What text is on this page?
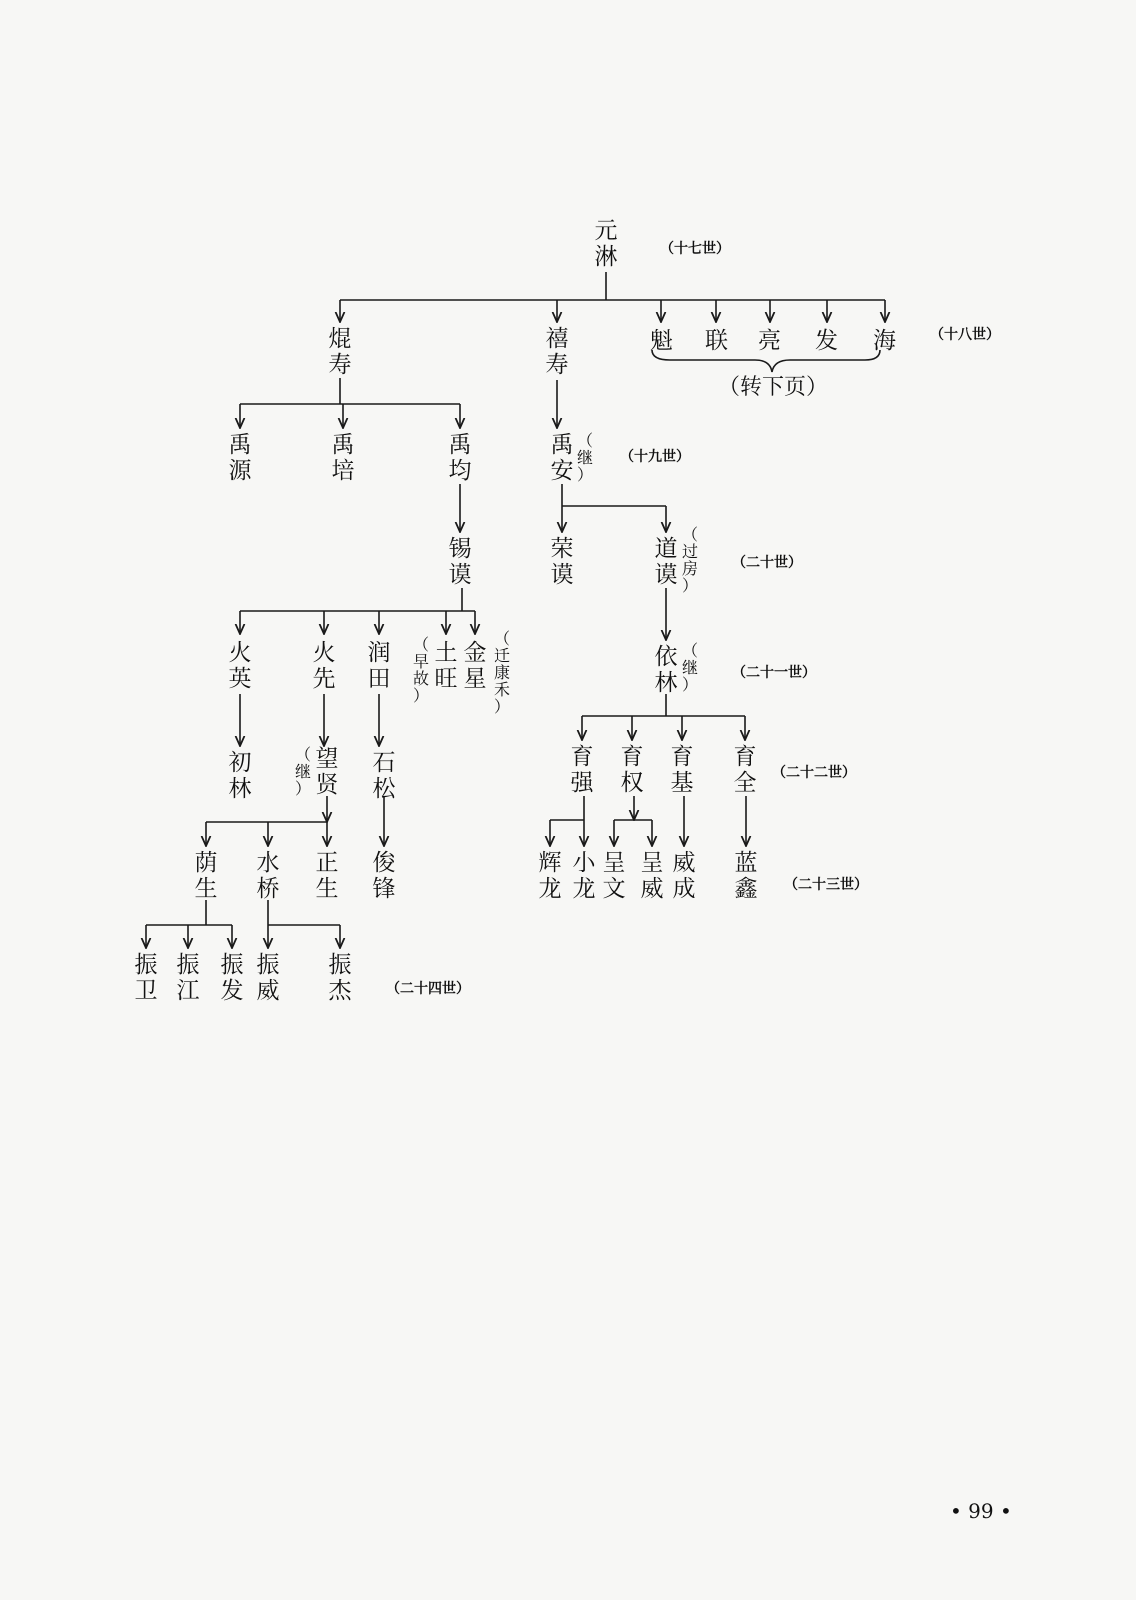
（十七世）
（十八世）
（十九世）
（二十世）
（二十一世）
（二十二世）
（二十三世）
（二十四世）
元
淋
焜
寿
禧
寿
魁 联 亮 发 海
（转下页）
禹
源
禹
培
禹
均
禹
安
（
继
）
锡
谟
荣
谟
道
谟
（
过
房
）
火
英
火
先
润
田
（
早
故
）
土
旺
金
星
（
迁
康
禾
）
依
林
（
继
）
初
林
望
贤
（
继
）
石
松
育
强
育
权
育
基
育
全
荫
生
水
桥
正
生
俊
锋
辉
龙
小
龙
呈
文
呈
威
威
成
蓝
鑫
振
卫
振
江
振
发
振
威
振
杰
• 99 •
